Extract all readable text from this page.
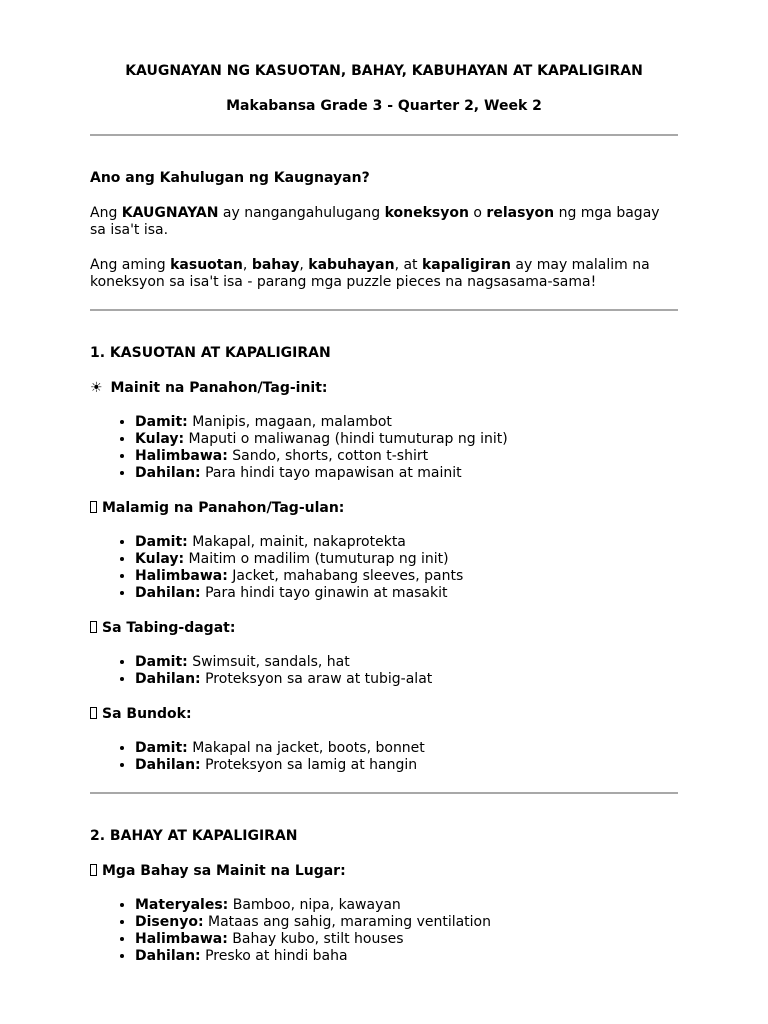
KAUGNAYAN NG KASUOTAN, BAHAY, KABUHAYAN AT KAPALIGIRAN

Makabansa Grade 3 - Quarter 2, Week 2

Ano ang Kahulugan ng Kaugnayan?

Ang KAUGNAYAN ay nangangahulugang koneksyon o relasyon ng mga bagay sa isa't isa.

Ang aming kasuotan, bahay, kabuhayan, at kapaligiran ay may malalim na koneksyon sa isa't isa - parang mga puzzle pieces na nagsasama-sama!

1. KASUOTAN AT KAPALIGIRAN

☀ Mainit na Panahon/Tag-init:

• Damit: Manipis, magaan, malambot
• Kulay: Maputi o maliwanag (hindi tumuturap ng init)
• Halimbawa: Sando, shorts, cotton t-shirt
• Dahilan: Para hindi tayo mapawisan at mainit

Malamig na Panahon/Tag-ulan:

• Damit: Makapal, mainit, nakaprotekta
• Kulay: Maitim o madilim (tumuturap ng init)
• Halimbawa: Jacket, mahabang sleeves, pants
• Dahilan: Para hindi tayo ginawin at masakit

Sa Tabing-dagat:

• Damit: Swimsuit, sandals, hat
• Dahilan: Proteksyon sa araw at tubig-alat

Sa Bundok:

• Damit: Makapal na jacket, boots, bonnet
• Dahilan: Proteksyon sa lamig at hangin

2. BAHAY AT KAPALIGIRAN

Mga Bahay sa Mainit na Lugar:

• Materyales: Bamboo, nipa, kawayan
• Disenyo: Mataas ang sahig, maraming ventilation
• Halimbawa: Bahay kubo, stilt houses
• Dahilan: Presko at hindi baha
